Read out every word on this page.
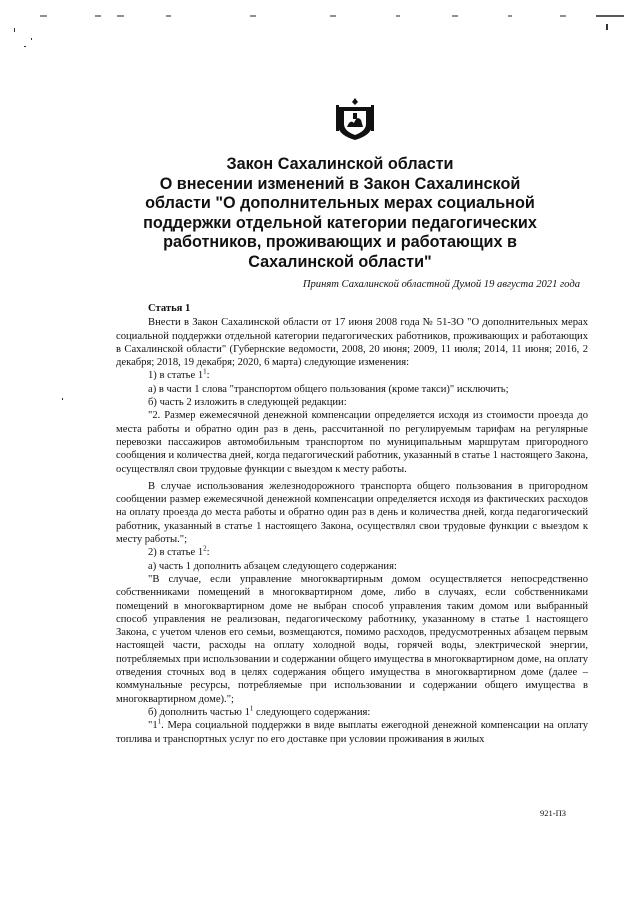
Закон Сахалинской области
О внесении изменений в Закон Сахалинской
области "О дополнительных мерах социальной
поддержки отдельной категории педагогических
работников, проживающих и работающих в
Сахалинской области"
Принят Сахалинской областной Думой 19 августа 2021 года
Статья 1

Внести в Закон Сахалинской области от 17 июня 2008 года № 51-ЗО "О дополнительных мерах социальной поддержки отдельной категории педагогических работников, проживающих и работающих в Сахалинской области" (Губернские ведомости, 2008, 20 июня; 2009, 11 июля; 2014, 11 июня; 2016, 2 декабря; 2018, 19 декабря; 2020, 6 марта) следующие изменения:

1) в статье $1^1$:

а) в части 1 слова "транспортом общего пользования (кроме такси)" исключить;

б) часть 2 изложить в следующей редакции:

"2. Размер ежемесячной денежной компенсации определяется исходя из стоимости проезда до места работы и обратно один раз в день, рассчитанной по регулируемым тарифам на регулярные перевозки пассажиров автомобильным транспортом по муниципальным маршрутам пригородного сообщения и количества дней, когда педагогический работник, указанный в статье 1 настоящего Закона, осуществлял свои трудовые функции с выездом к месту работы.

В случае использования железнодорожного транспорта общего пользования в пригородном сообщении размер ежемесячной денежной компенсации определяется исходя из фактических расходов на оплату проезда до места работы и обратно один раз в день и количества дней, когда педагогический работник, указанный в статье 1 настоящего Закона, осуществлял свои трудовые функции с выездом к месту работы.";

2) в статье $1^2$:

а) часть 1 дополнить абзацем следующего содержания:

"В случае, если управление многоквартирным домом осуществляется непосредственно собственниками помещений в многоквартирном доме, либо в случаях, если собственниками помещений в многоквартирном доме не выбран способ управления таким домом или выбранный способ управления не реализован, педагогическому работнику, указанному в статье 1 настоящего Закона, с учетом членов его семьи, возмещаются, помимо расходов, предусмотренных абзацем первым настоящей части, расходы на оплату холодной воды, горячей воды, электрической энергии, потребляемых при использовании и содержании общего имущества в многоквартирном доме, на оплату отведения сточных вод в целях содержания общего имущества в многоквартирном доме (далее – коммунальные ресурсы, потребляемые при использовании и содержании общего имущества в многоквартирном доме).";

б) дополнить частью $1^1$ следующего содержания:

"$1^1$. Мера социальной поддержки в виде выплаты ежегодной денежной компенсации на оплату топлива и транспортных услуг по его доставке при условии проживания в жилых

921-ПЗ
